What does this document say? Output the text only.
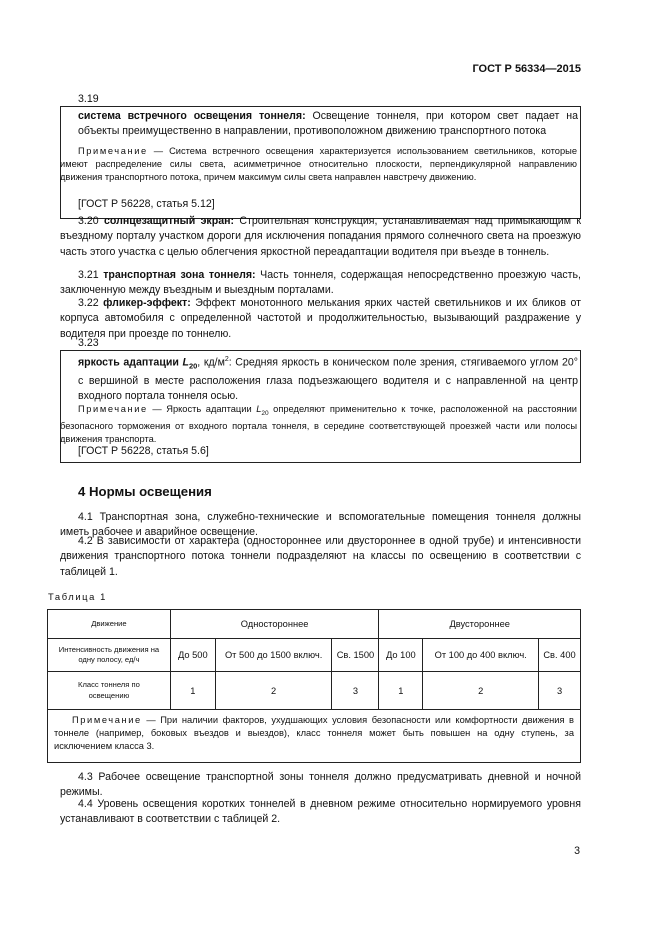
ГОСТ Р 56334—2015
3.19
система встречного освещения тоннеля: Освещение тоннеля, при котором свет падает на объекты преимущественно в направлении, противоположном движению транспортного потока
Примечание — Система встречного освещения характеризуется использованием светильников, которые имеют распределение силы света, асимметричное относительно плоскости, перпендикулярной направлению движения транспортного потока, причем максимум силы света направлен навстречу движению.
[ГОСТ Р 56228, статья 5.12]
3.20 солнцезащитный экран: Строительная конструкция, устанавливаемая над примыкающим к въездному порталу участком дороги для исключения попадания прямого солнечного света на проезжую часть этого участка с целью облегчения яркостной переадаптации водителя при въезде в тоннель.
3.21 транспортная зона тоннеля: Часть тоннеля, содержащая непосредственно проезжую часть, заключенную между въездным и выездным порталами.
3.22 фликер-эффект: Эффект монотонного мелькания ярких частей светильников и их бликов от корпуса автомобиля с определенной частотой и продолжительностью, вызывающий раздражение у водителя при проезде по тоннелю.
3.23
яркость адаптации $L_{20}$, $кд/м^2$: Средняя яркость в коническом поле зрения, стягиваемого углом 20° с вершиной в месте расположения глаза подъезжающего водителя и с направленной на центр входного портала тоннеля осью.
Примечание — Яркость адаптации $L_{20}$ определяют применительно к точке, расположенной на расстоянии безопасного торможения от входного портала тоннеля, в середине соответствующей проезжей части или полосы движения транспорта.
[ГОСТ Р 56228, статья 5.6]
4 Нормы освещения
4.1 Транспортная зона, служебно-технические и вспомогательные помещения тоннеля должны иметь рабочее и аварийное освещение.
4.2 В зависимости от характера (одностороннее или двустороннее в одной трубе) и интенсивности движения транспортного потока тоннели подразделяют на классы по освещению в соответствии с таблицей 1.
Таблица 1
Движение	Одностороннее			Двустороннее		
Интенсивность движения на одну полосу, ед/ч	До 500	От 500 до 1500 включ.	Св. 1500	До 100	От 100 до 400 включ.	Св. 400
Класс тоннеля по освещению	1	2	3	1	2	3
Примечание — При наличии факторов, ухудшающих условия безопасности или комфортности движения в тоннеле (например, боковых въездов и выездов), класс тоннеля может быть повышен на одну ступень, за исключением класса 3.						
4.3 Рабочее освещение транспортной зоны тоннеля должно предусматривать дневной и ночной режимы.
4.4 Уровень освещения коротких тоннелей в дневном режиме относительно нормируемого уровня устанавливают в соответствии с таблицей 2.
3
